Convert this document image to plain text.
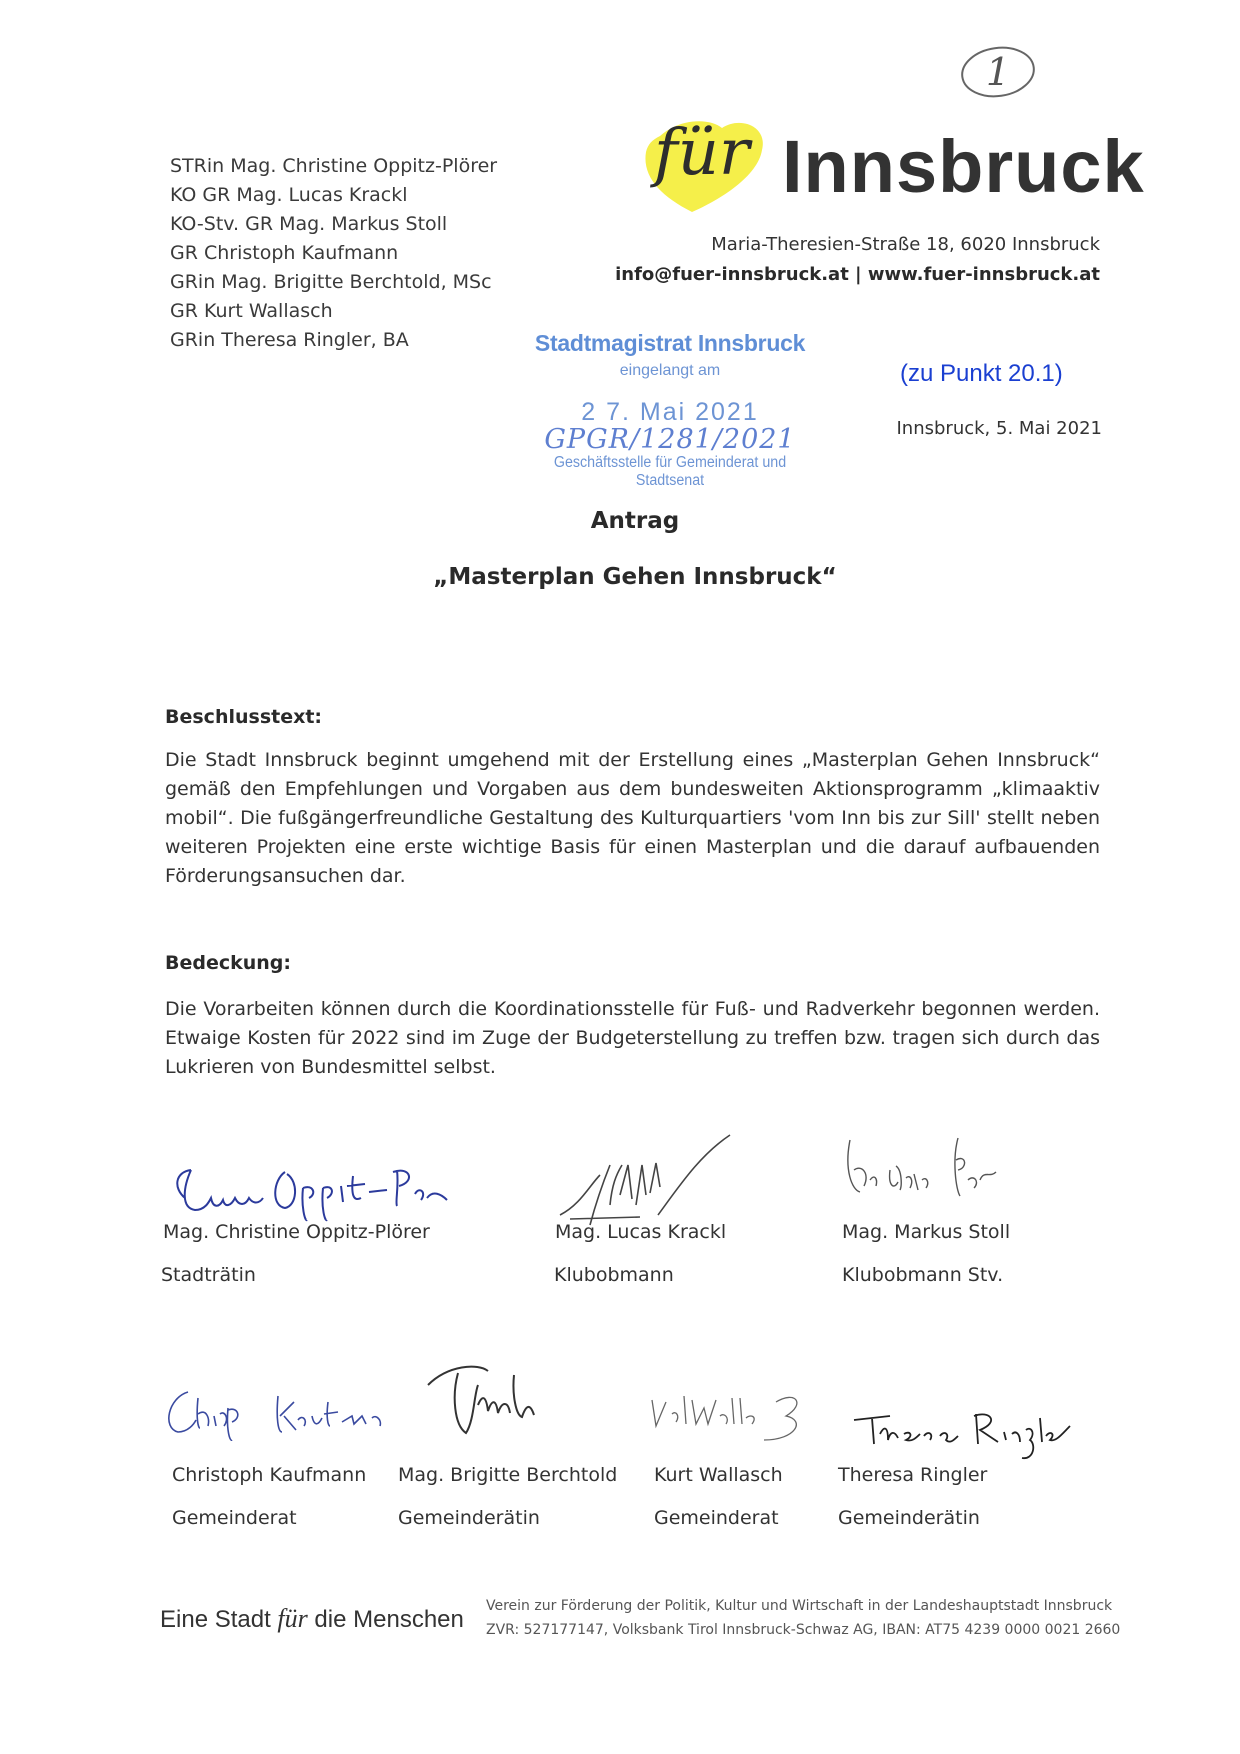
1
STRin Mag. Christine Oppitz-Plörer
KO GR Mag. Lucas Krackl
KO-Stv. GR Mag. Markus Stoll
GR Christoph Kaufmann
GRin Mag. Brigitte Berchtold, MSc
GR Kurt Wallasch
GRin Theresa Ringler, BA
für Innsbruck
Maria-Theresien-Straße 18, 6020 Innsbruck
info@fuer-innsbruck.at | www.fuer-innsbruck.at
Stadtmagistrat Innsbruck
eingelangt am
2 7. Mai 2021
GPGR/1281/2021
Geschäftsstelle für Gemeinderat und Stadtsenat
(zu Punkt 20.1)
Innsbruck, 5. Mai 2021
Antrag
„Masterplan Gehen Innsbruck“
Beschlusstext:
Die Stadt Innsbruck beginnt umgehend mit der Erstellung eines „Masterplan Gehen Innsbruck“ gemäß den Empfehlungen und Vorgaben aus dem bundesweiten Aktionsprogramm „klimaaktiv mobil“. Die fußgängerfreundliche Gestaltung des Kulturquartiers 'vom Inn bis zur Sill' stellt neben weiteren Projekten eine erste wichtige Basis für einen Masterplan und die darauf aufbauenden Förderungsansuchen dar.
Bedeckung:
Die Vorarbeiten können durch die Koordinationsstelle für Fuß- und Radverkehr begonnen werden. Etwaige Kosten für 2022 sind im Zuge der Budgeterstellung zu treffen bzw. tragen sich durch das Lukrieren von Bundesmittel selbst.
Mag. Christine Oppitz-Plörer
Stadträtin
Mag. Lucas Krackl
Klubobmann
Mag. Markus Stoll
Klubobmann Stv.
Christoph Kaufmann
Gemeinderat
Mag. Brigitte Berchtold
Gemeinderätin
Kurt Wallasch
Gemeinderat
Theresa Ringler
Gemeinderätin
Eine Stadt für die Menschen Verein zur Förderung der Politik, Kultur und Wirtschaft in der Landeshauptstadt Innsbruck
ZVR: 527177147, Volksbank Tirol Innsbruck-Schwaz AG, IBAN: AT75 4239 0000 0021 2660
